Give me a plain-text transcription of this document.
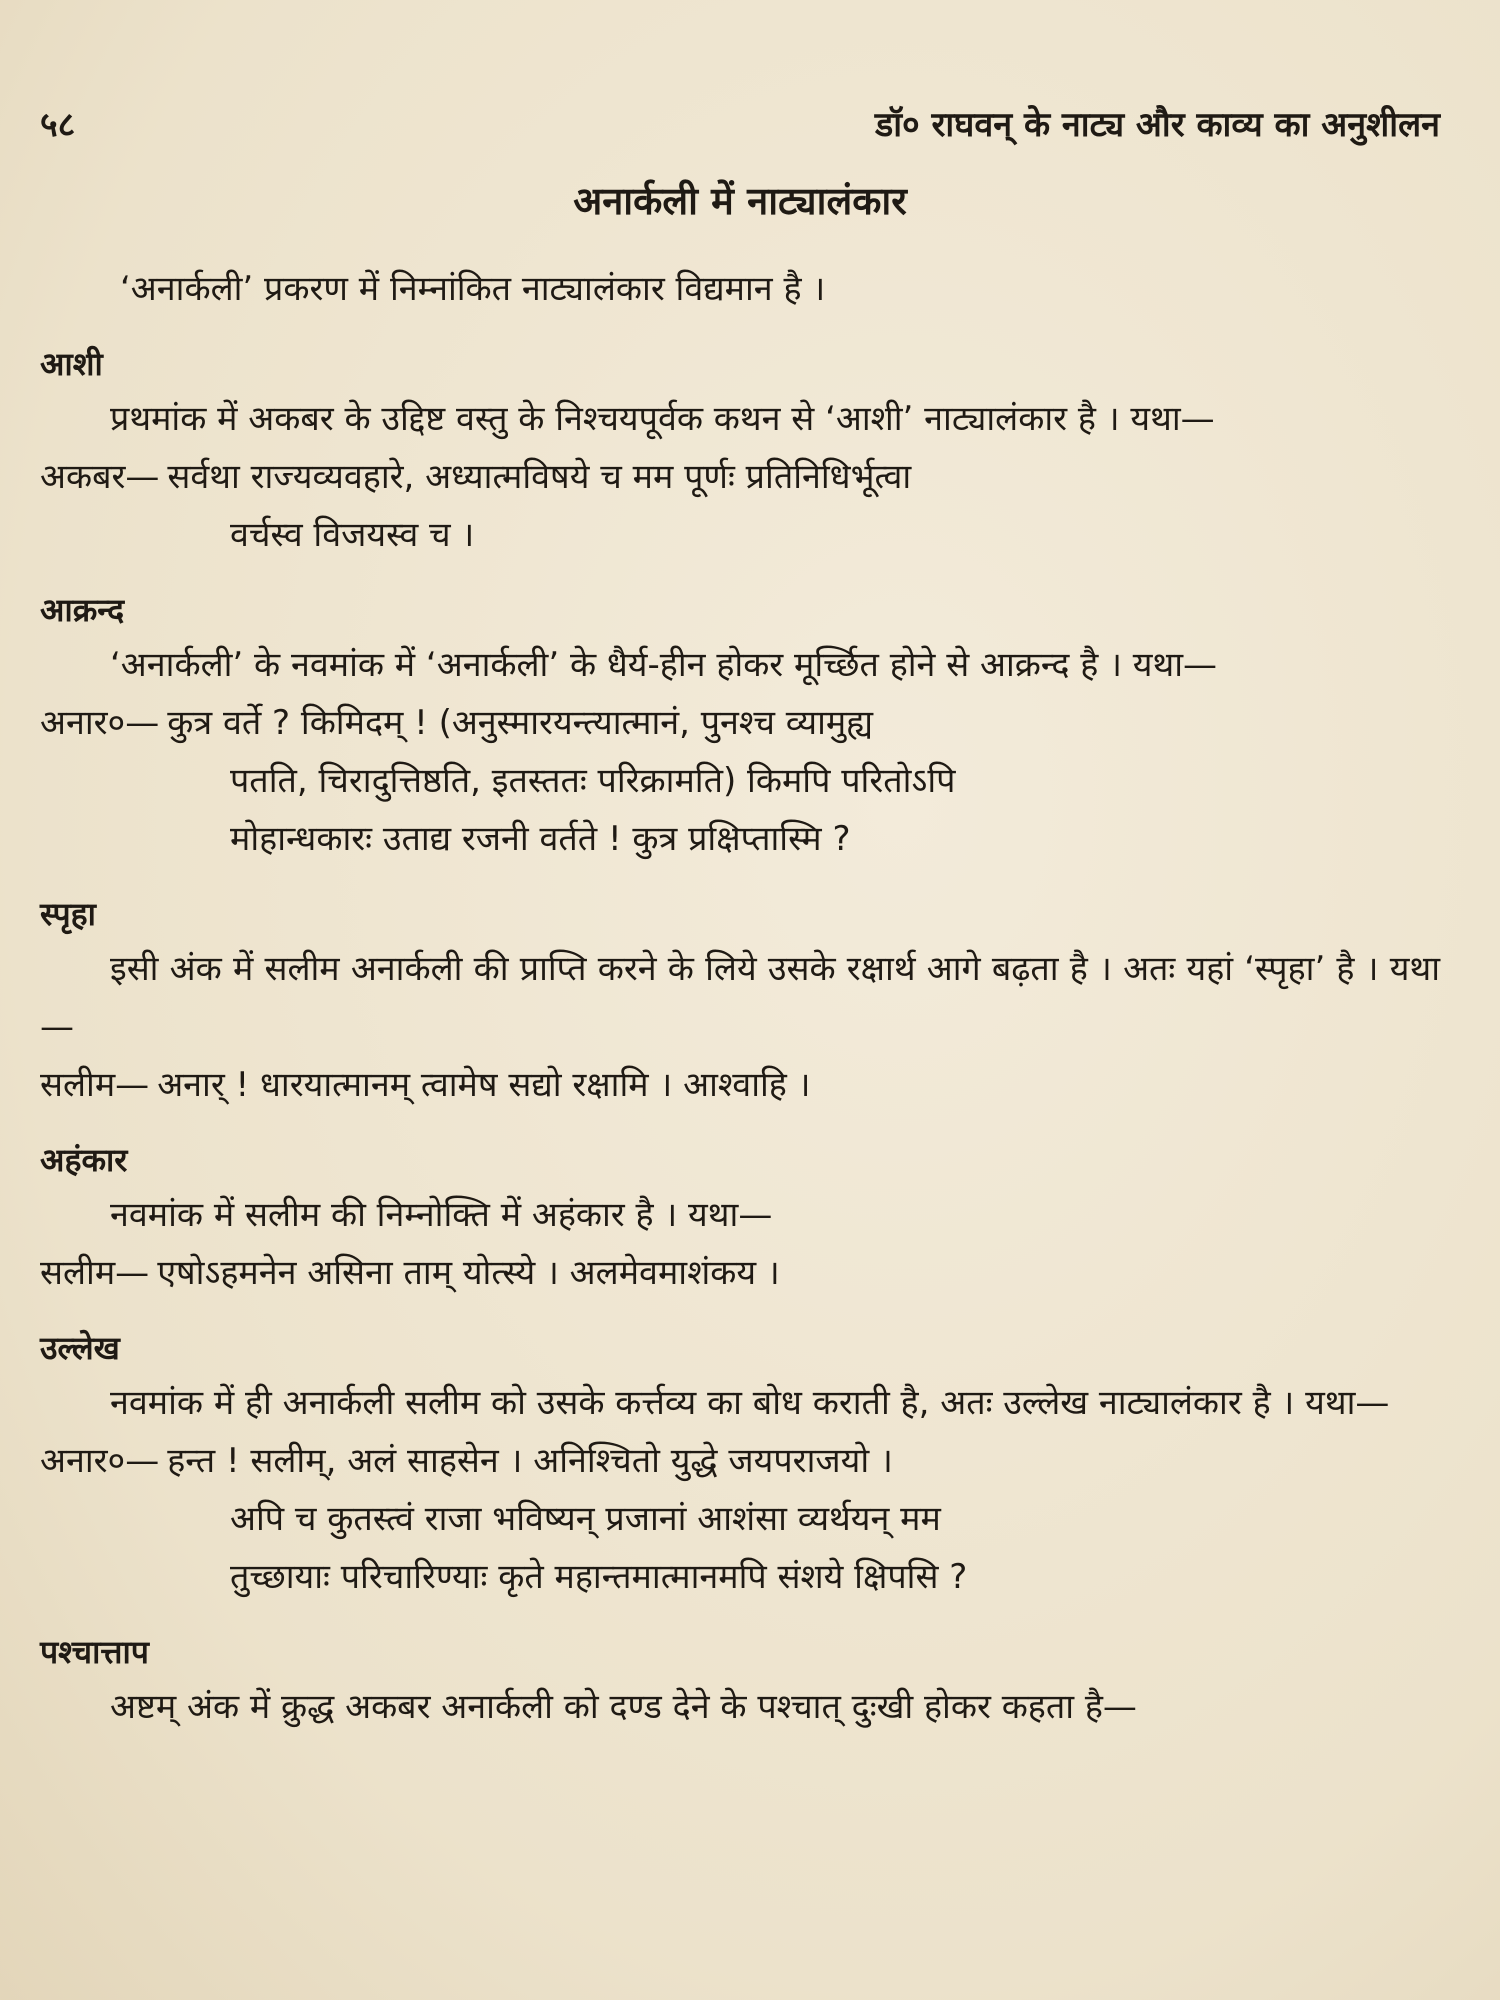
५८	डॉ० राघवन् के नाट्य और काव्य का अनुशीलन
अनार्कली में नाट्यालंकार

‘अनार्कली’ प्रकरण में निम्नांकित नाट्यालंकार विद्यमान है ।

आशी

प्रथमांक में अकबर के उद्दिष्ट वस्तु के निश्चयपूर्वक कथन से ‘आशी’ नाट्यालंकार है । यथा—

अकबर— सर्वथा राज्यव्यवहारे, अध्यात्मविषये च मम पूर्णः प्रतिनिधिर्भूत्वा

वर्चस्व विजयस्व च ।

आक्रन्द

‘अनार्कली’ के नवमांक में ‘अनार्कली’ के धैर्य-हीन होकर मूर्च्छित होने से आक्रन्द है । यथा—

अनार०— कुत्र वर्ते ? किमिदम् ! (अनुस्मारयन्त्यात्मानं, पुनश्च व्यामुह्य

पतति, चिरादुत्तिष्ठति, इतस्ततः परिक्रामति) किमपि परितोऽपि

मोहान्धकारः उताद्य रजनी वर्तते ! कुत्र प्रक्षिप्तास्मि ?

स्पृहा

इसी अंक में सलीम अनार्कली की प्राप्ति करने के लिये उसके रक्षार्थ आगे बढ़ता है । अतः यहां ‘स्पृहा’ है । यथा—

सलीम— अनार् ! धारयात्मानम् त्वामेष सद्यो रक्षामि । आश्वाहि ।
अहंकार

नवमांक में सलीम की निम्नोक्ति में अहंकार है । यथा—

सलीम— एषोऽहमनेन असिना ताम् योत्स्ये । अलमेवमाशंकय ।
उल्लेख

नवमांक में ही अनार्कली सलीम को उसके कर्त्तव्य का बोध कराती है, अतः उल्लेख नाट्यालंकार है । यथा—

अनार०— हन्त ! सलीम्, अलं साहसेन । अनिश्चितो युद्धे जयपराजयो ।

अपि च कुतस्त्वं राजा भविष्यन् प्रजानां आशंसा व्यर्थयन् मम

तुच्छायाः परिचारिण्याः कृते महान्तमात्मानमपि संशये क्षिपसि ?

पश्चात्ताप

अष्टम् अंक में क्रुद्ध अकबर अनार्कली को दण्ड देने के पश्चात् दुःखी होकर कहता है—
